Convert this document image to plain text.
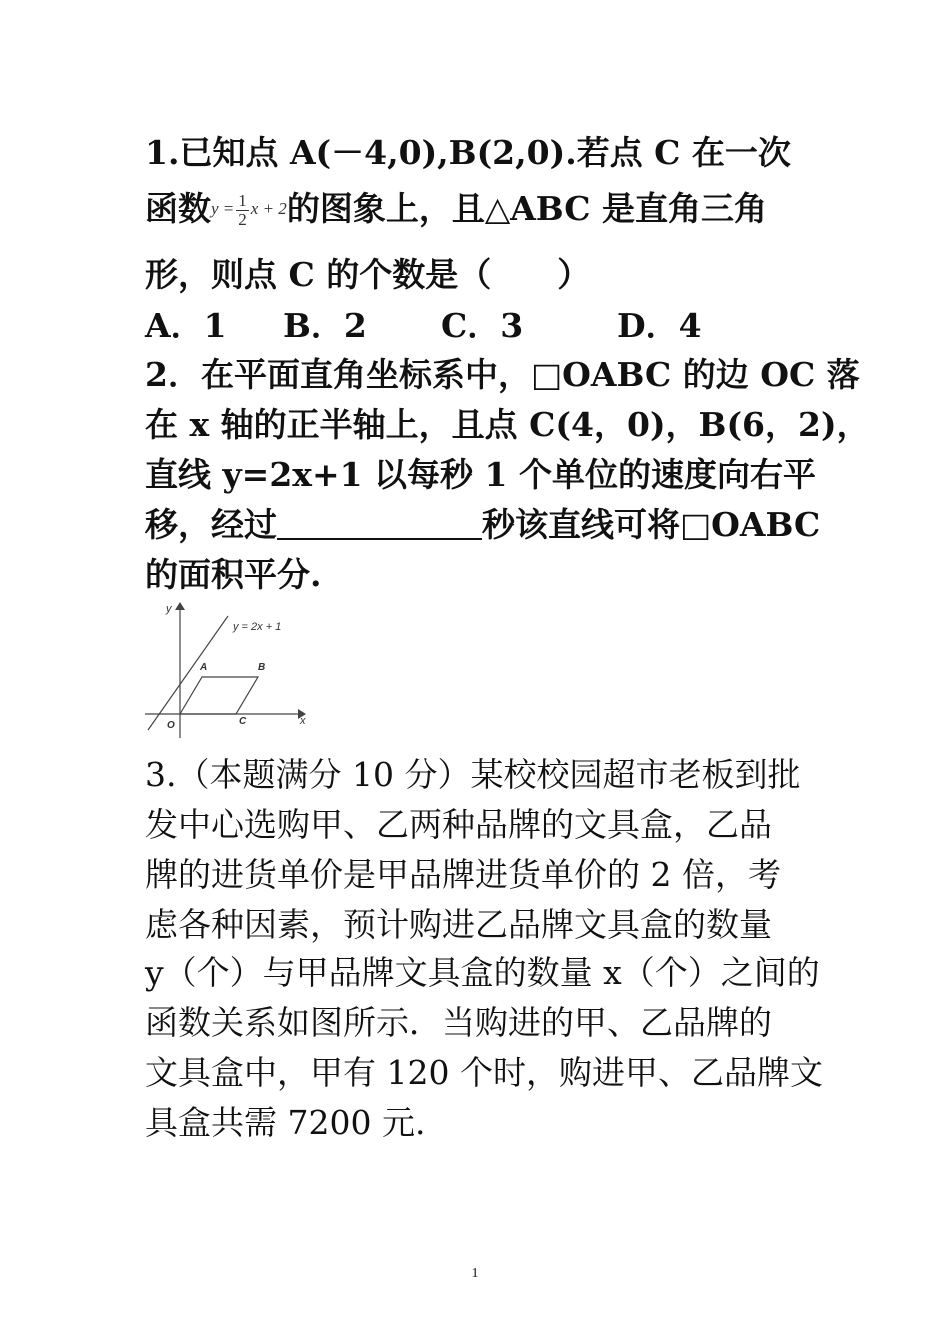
1.已知点 A(－4,0),B(2,0).若点 C 在一次
函数$y = \frac{1}{2}$ x + 2的图象上，且△ABC 是直角三角
形，则点 C 的个数是（　　）
A．1 B．2 C．3	D．4
2．在平面直角坐标系中，□OABC 的边 OC 落
在 x 轴的正半轴上，且点 C(4，0)，B(6，2)，
直线 y=2x+1 以每秒 1 个单位的速度向右平
移，经过	秒该直线可将□OABC
的面积平分.
y
x
y = 2x + 1
O
A	B
C
3.（本题满分 10 分）某校校园超市老板到批
发中心选购甲、乙两种品牌的文具盒，乙品
牌的进货单价是甲品牌进货单价的 2 倍，考
虑各种因素，预计购进乙品牌文具盒的数量
y（个）与甲品牌文具盒的数量 x（个）之间的
函数关系如图所示．当购进的甲、乙品牌的
文具盒中，甲有 120 个时，购进甲、乙品牌文
具盒共需 7200 元.
1
